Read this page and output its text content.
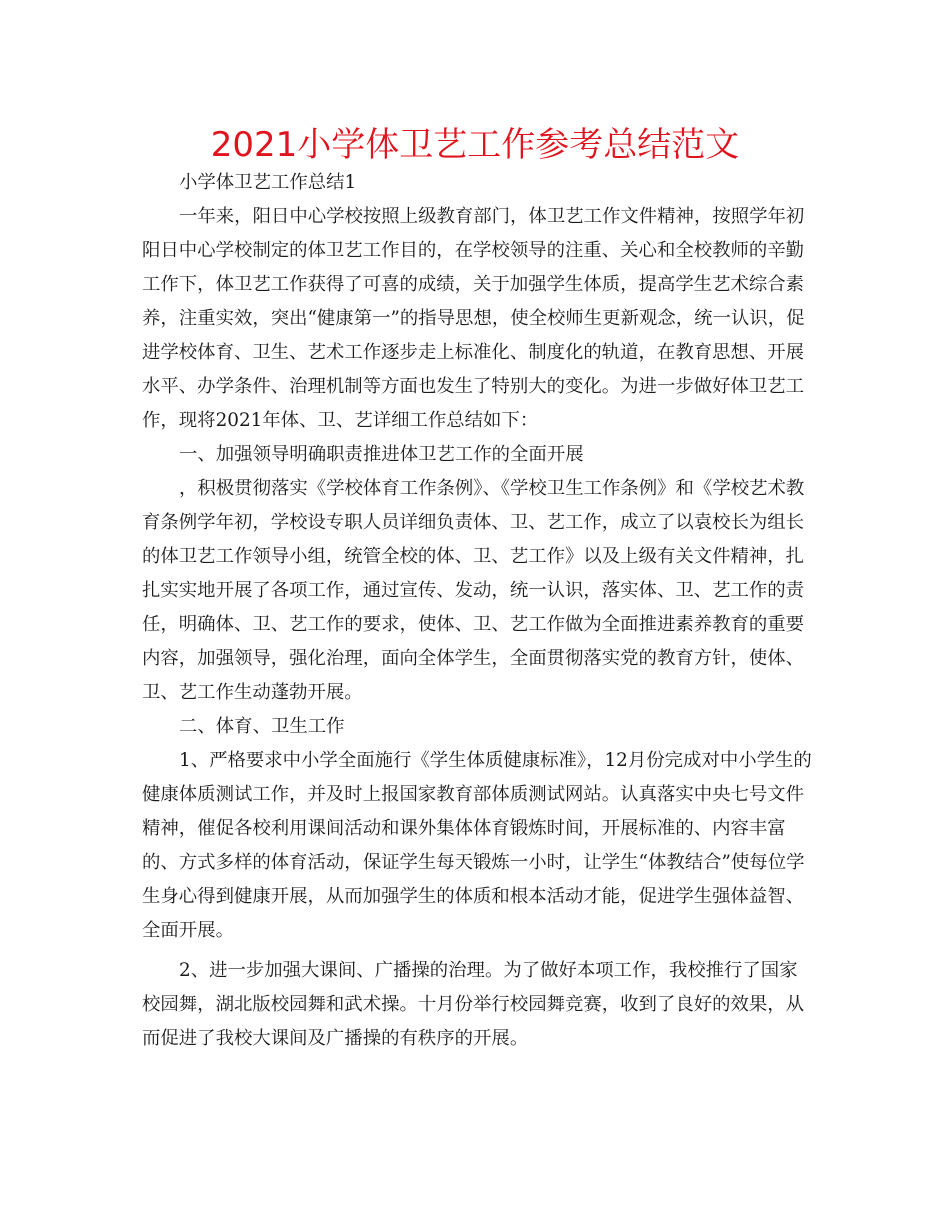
2021小学体卫艺工作参考总结范文

小学体卫艺工作总结1

一年来，阳日中心学校按照上级教育部门，体卫艺工作文件精神，按照学年初阳日中心学校制定的体卫艺工作目的，在学校领导的注重、关心和全校教师的辛勤工作下，体卫艺工作获得了可喜的成绩，关于加强学生体质，提高学生艺术综合素养，注重实效，突出“健康第一”的指导思想，使全校师生更新观念，统一认识，促进学校体育、卫生、艺术工作逐步走上标准化、制度化的轨道，在教育思想、开展水平、办学条件、治理机制等方面也发生了特别大的变化。为进一步做好体卫艺工作，现将2021年体、卫、艺详细工作总结如下：

一、加强领导明确职责推进体卫艺工作的全面开展

，积极贯彻落实《学校体育工作条例》、《学校卫生工作条例》和《学校艺术教育条例学年初，学校设专职人员详细负责体、卫、艺工作，成立了以袁校长为组长的体卫艺工作领导小组，统管全校的体、卫、艺工作》以及上级有关文件精神，扎扎实实地开展了各项工作，通过宣传、发动，统一认识，落实体、卫、艺工作的责任，明确体、卫、艺工作的要求，使体、卫、艺工作做为全面推进素养教育的重要内容，加强领导，强化治理，面向全体学生，全面贯彻落实党的教育方针，使体、卫、艺工作生动蓬勃开展。

二、体育、卫生工作

1、严格要求中小学全面施行《学生体质健康标准》，12月份完成对中小学生的健康体质测试工作，并及时上报国家教育部体质测试网站。认真落实中央七号文件精神，催促各校利用课间活动和课外集体体育锻炼时间，开展标准的、内容丰富的、方式多样的体育活动，保证学生每天锻炼一小时，让学生“体教结合”使每位学生身心得到健康开展，从而加强学生的体质和根本活动才能，促进学生强体益智、全面开展。

2、进一步加强大课间、广播操的治理。为了做好本项工作，我校推行了国家校园舞，湖北版校园舞和武术操。十月份举行校园舞竞赛，收到了良好的效果，从而促进了我校大课间及广播操的有秩序的开展。
